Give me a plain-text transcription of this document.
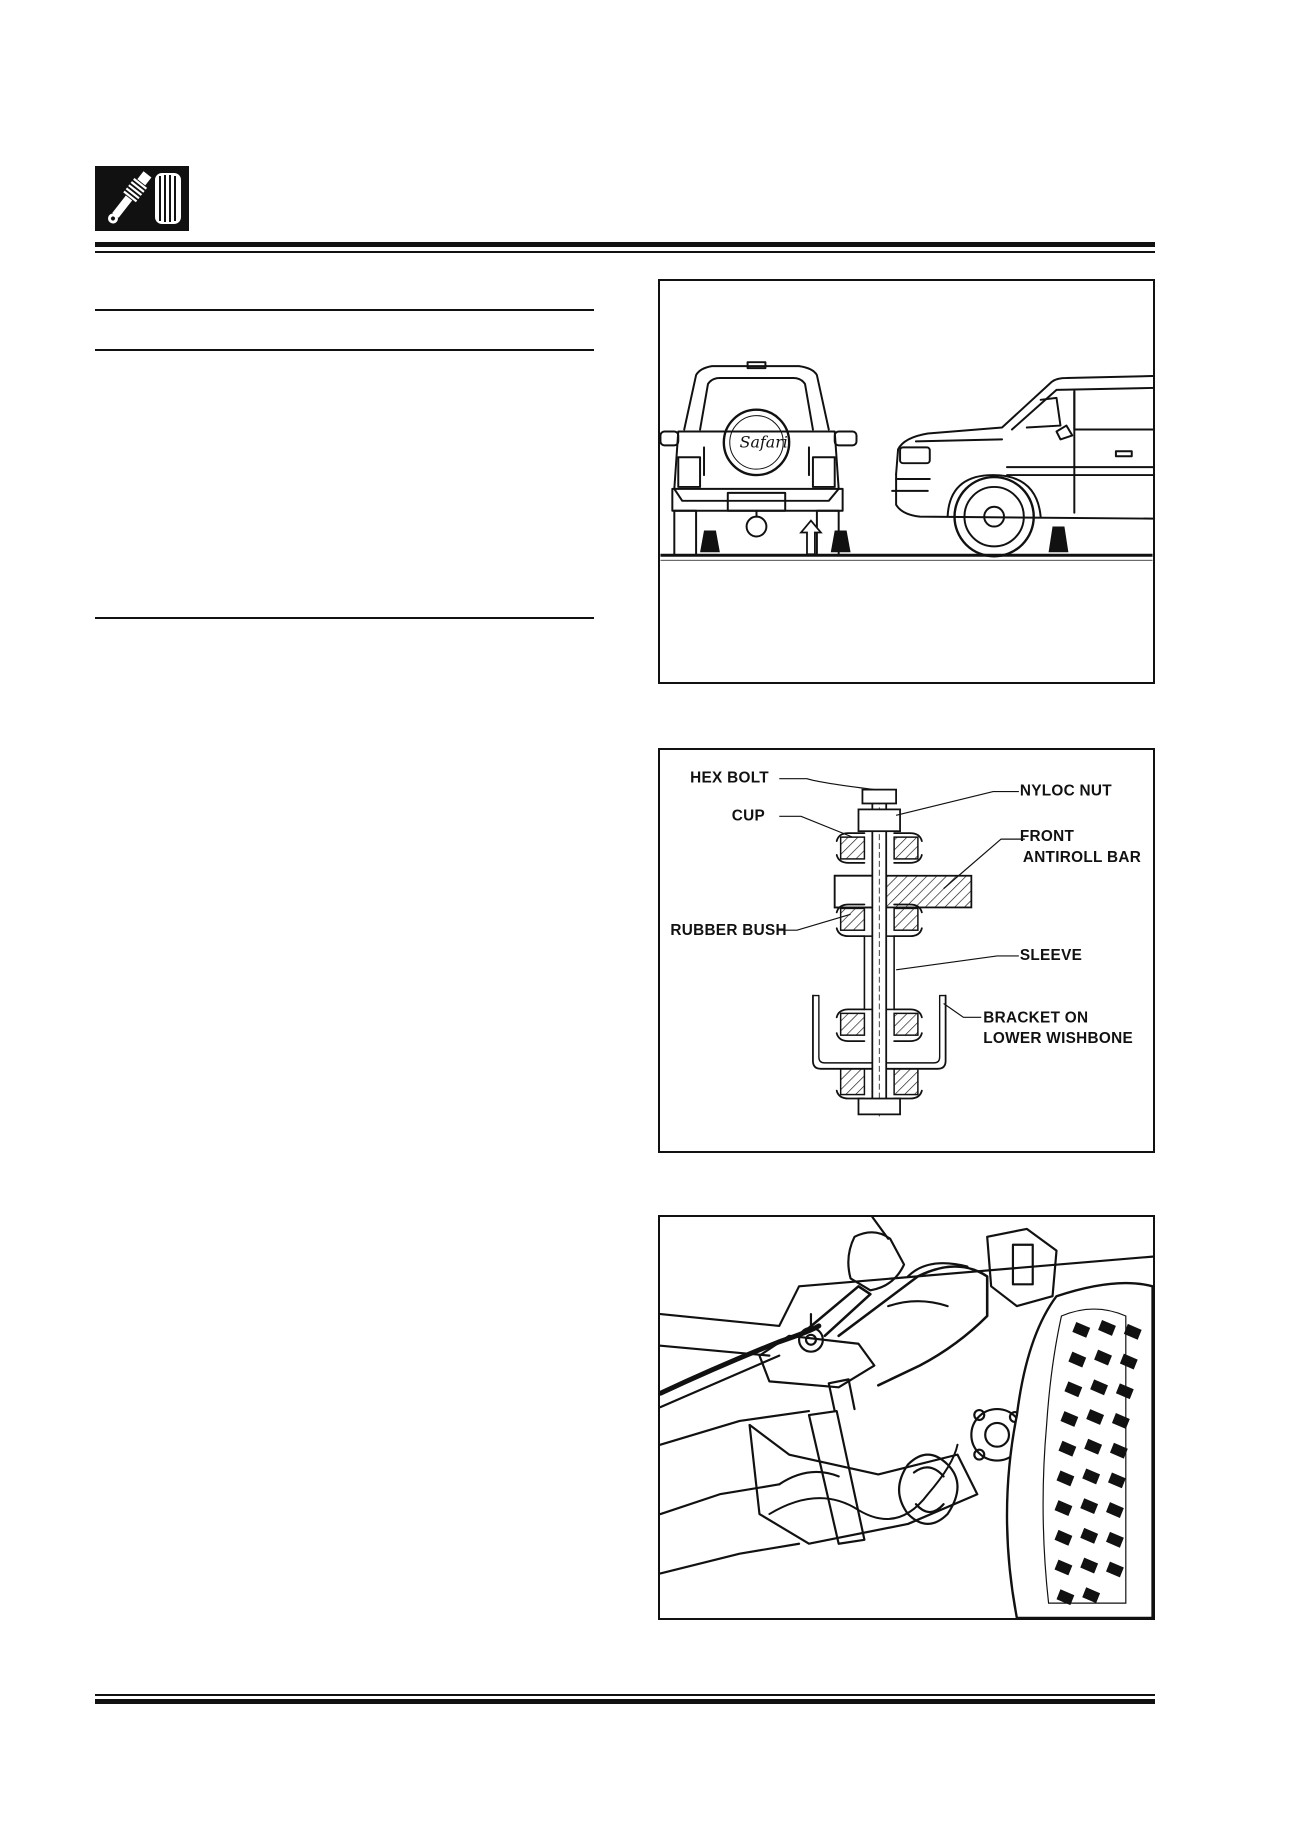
Safari
HEX BOLT
CUP
RUBBER BUSH
NYLOC NUT
FRONT
ANTIROLL BAR
SLEEVE
BRACKET ON
LOWER WISHBONE
